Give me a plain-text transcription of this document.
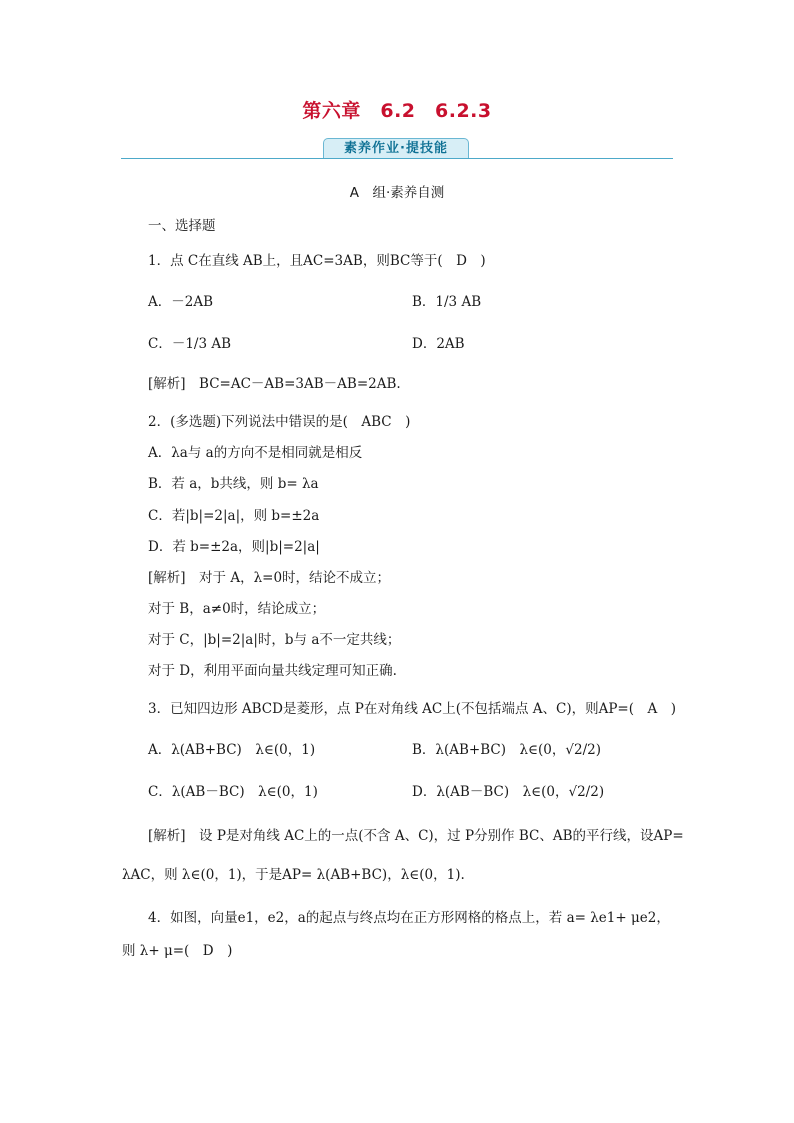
第六章　6.2　6.2.3
素养作业·提技能
A　组·素养自测
一、选择题
1．点 C在直线 AB上，且AC=3AB，则BC等于(　D　)
A．－2AB	B．1/3 AB
C．－1/3 AB	D．2AB
[解析]　BC=AC－AB=3AB－AB=2AB.
2．(多选题)下列说法中错误的是(　ABC　)
A．λa与 a的方向不是相同就是相反
B．若 a，b共线，则 b= λa
C．若|b|=2|a|，则 b=±2a
D．若 b=±2a，则|b|=2|a|
[解析]　对于 A，λ=0时，结论不成立；
对于 B，a≠0时，结论成立；
对于 C，|b|=2|a|时，b与 a不一定共线；
对于 D，利用平面向量共线定理可知正确.
3．已知四边形 ABCD是菱形，点 P在对角线 AC上(不包括端点 A、C)，则AP=(　A　)
A．λ(AB+BC)　λ∈(0，1)	B．λ(AB+BC)　λ∈(0，√2/2)
C．λ(AB－BC)　λ∈(0，1)	D．λ(AB－BC)　λ∈(0，√2/2)
[解析]　设 P是对角线 AC上的一点(不含 A、C)，过 P分别作 BC、AB的平行线，设AP=
λAC，则 λ∈(0，1)，于是AP= λ(AB+BC)，λ∈(0，1).
4．如图，向量e1，e2，a的起点与终点均在正方形网格的格点上，若 a= λe1+ μe2，
则 λ+ μ=(　D　)
